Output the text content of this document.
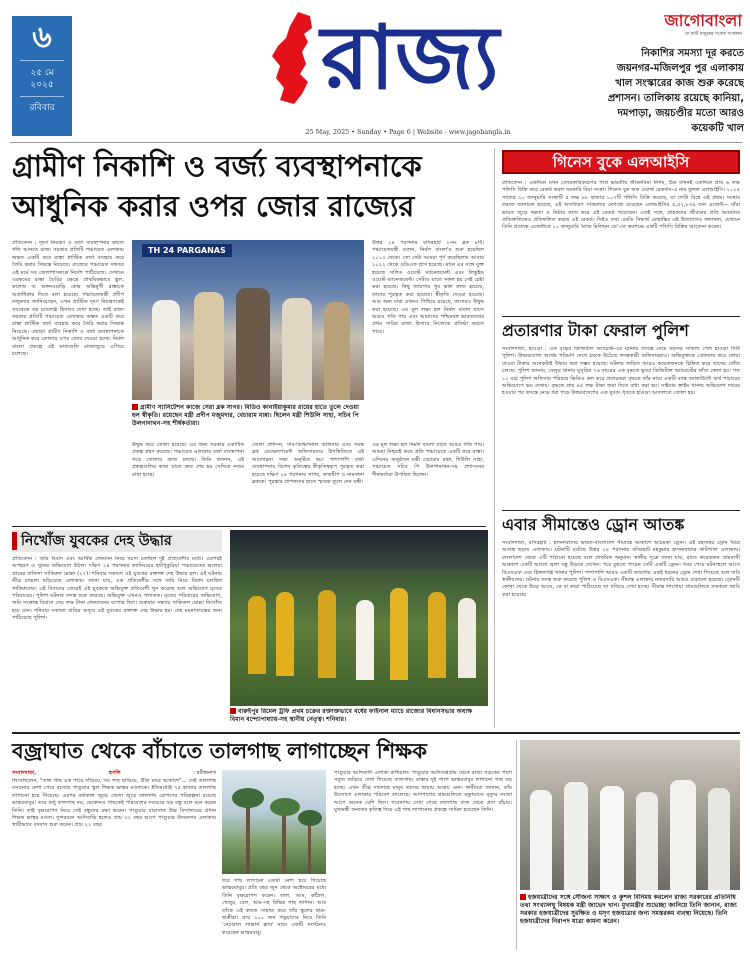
৬
২৫ মে
২০২৫
রবিবার	রাজ্য
25 May, 2025 • Sunday • Page 6 | Website - www.jagobangla.in
জাগোবাংলা
মা মাটি মানুষের সংবাদ সংকলন
নিকাশির সমস্যা দূর করতে জয়নগর-মজিলপুর পুর এলাকায় খাল সংস্কারের কাজ শুরু করেছে প্রশাসন। তালিকায় রয়েছে কানিয়া, দমপাড়া, জয়চণ্ডীর মতো আরও কয়েকটি খাল
গ্রামীণ নিকাশি ও বর্জ্য ব্যবস্থাপনাকে
আধুনিক করার ওপর জোর রাজ্যের
প্রতিবেদন : দূষণ নিয়ন্ত্রণ ও বর্জ্য ব্যবস্থাপনার কাজে গতি আনতে রাজ্য সরকার প্রতিটি পঞ্চায়েত এলাকায় অন্তত একটি করে রাস্তা প্লাস্টিক বর্জ্য ব্যবহার করে তৈরি করার সিদ্ধান্ত নিয়েছে। রাজ্যের পঞ্চায়েত দফতর এই মর্মে সব জেলাশাসককে নির্দেশ পাঠিয়েছে। সেখানে এরকমের রাস্তা তৈরির ক্ষেত্রে প্রাথমিকভাবে স্কুল, কলেজ বা অঙ্গনওয়াড়ি কেন্দ্র অভিমুখী রাস্তাকে অগ্রাধিকার দিতে বলা হয়েছে। পঞ্চায়েতমন্ত্রী প্রদীপ মজুমদার জানিয়েছেন, এখন প্লাস্টিক দূষণ নিয়ন্ত্রণকেই সবথেকে বড় চ্যালেঞ্জ হিসাবে দেখা হচ্ছে। তাই রাজ্য সরকার প্রতিটি পঞ্চায়েত এলাকায় অন্তত একটি করে রাস্তা প্লাস্টিক বর্জ্য ব্যবহার করে তৈরি করার সিদ্ধান্ত নিয়েছে। এছাড়া গ্রামীণ নিকাশি ও বর্জ্য ব্যবস্থাপনাকে আধুনিক করে তোলার ওপর জোর দেওয়া হচ্ছে। নির্মল বাংলা প্রকল্পে এই কাজগুলি রাজ্যজুড়ে এগিয়ে চলেছে।
TH 24 PARGANAS
গ্রামীণ স্যানিটেশন কাজে সেরা ব্লক সাগর। বিডিও কানাইয়াকুমার রায়ের হাতে তুলে দেওয়া হল স্বীকৃতি। রয়েছেন মন্ত্রী প্রদীপ মজুমদার, বেচারাম মান্না। ছিলেন মন্ত্রী শিউলি সাহা, সচিব পি উলগানাথন-সহ শীর্ষকর্তারা।
উদ্বুদ্ধ করে তোলা হয়েছে। এর জন্য সরকার একাধিক প্রকল্প গ্রহণ করেছে। পঞ্চায়েত এলাকায় বর্জ্য ব্যবস্থাপনা গড়ে তোলার কাজ চলছে। তিনি জানান, এই প্রকল্পগুলির কাজ যাতে দ্রুত শেষ হয় সেদিকে নজর রাখা হচ্ছে।
জেলা প্রশাসন, সাব-ডিভিশনাল অফিসার এবং সমস্ত ব্লক ডেভেলপমেন্ট অফিসারদের উপস্থিতিতে এই আলোচনা সভা অনুষ্ঠিত হয়। পাশাপাশি বর্জ্য ব্যবস্থাপনায় বিশেষ কৃতিত্বের স্বীকৃতিস্বরূপ পুরস্কৃত করা হয়েছে দক্ষিণ ২৪ পরগনার সাগর, কাকদ্বীপ ও নামখানা ব্লককে। পুরস্কার প্রাপকদের হাতে স্মারক তুলে দেন মন্ত্রী।
উত্তর ২৪ পরগনার বসিরহাট ২-নং ব্লক ৪টি। পঞ্চায়েতমন্ত্রী বলেন, নির্মল বাংলা'র শুরু হয়েছিল ২০১৩ থেকে। তো সেটা আমরা পূর্ণ করেছিলাম আবার ২০২২ থেকে ওডিএফ প্লাস হয়েছে। মানে এর সঙ্গে যুক্ত হয়েছে সলিড ওয়েস্ট ম্যানেজমেন্ট এবং লিকুইড ওয়েস্ট ম্যানেজমেন্ট। সেটাও যাতে সফল হয় সেই চেষ্টা করা হয়েছে। কিছু জায়গায় খুব ভাল কাজ হয়েছে, তাদের পুরস্কৃত করা হয়েছে। স্বীকৃতি দেওয়া হয়েছে। আর অন্য যারা এখনও পিছিয়ে রয়েছে, তাদেরও উদ্বুদ্ধ করা হয়েছে। এর মূল লক্ষ্য হল নির্মল বাংলা যাতে আরও গতি পায় এবং আমাদের পশ্চিমবঙ্গ ভারতবর্ষের প্রথম সারির রাজ্য হিসাবে নিজেকে প্রতিষ্ঠা করতে পারে।
এর মূল লক্ষ্য হল নির্মল বাংলা যাতে আরও গতি পায়। আমরা নিশ্চয়ই করব প্রতি পঞ্চায়েতে একটি করে রাস্তা। এদিনের অনুষ্ঠানে মন্ত্রী বেচারাম মান্না, শিউলি সাহা, পঞ্চায়েত সচিব পি উলগানাথন-সহ প্রশাসনের শীর্ষকর্তারা উপস্থিত ছিলেন।
গিনেস বুকে এলআইসি
প্রতিবেদন : একদিনে যখন বেসরকারিকরণের পথে ভারতীয় জীবনবিমা নিগম, ঠিক তখনই একদিনে প্রায় ৬ লক্ষ পলিসি বিক্রি করে রেকর্ড করল সরকারি বিমা সংস্থা। গিনেস বুক অফ ওয়ার্ল্ড রেকর্ডস-এ নাম তুলল এলআইসি। ২০২৫ সালের ২০ জানুয়ারি সংস্থাটি ৫ লক্ষ ৮৮ হাজার ১০৭টি পলিসি বিক্রি করেছে, যা গোটা বিশ্বে এই প্রথম। সংস্থার তরফে জানানো হয়েছে, এই অসাধারণ সাফল্যের নেপথ্যে রয়েছেন এলআইসির ৪,৫২,৮৩৯ জন এজেন্ট— যাঁরা ভারত জুড়ে দক্ষতা ও নিষ্ঠার কাজ করে এই রেকর্ড গড়েছেন। একই সঙ্গে, গ্রাহকদের জীবনের প্রতি আমাদের প্রতিশ্রুতিকেও প্রতিফলিত করছে এই রেকর্ড। সিইও তথা এমডি সিদ্ধার্থ মোহান্তির এই উদ্যোগেও ফলাফল, যেখানে তিনি প্রত্যেক এজেন্টকে ২০ জানুয়ারি 'ম্যাড মিলিয়ন ডে'-তে কমপক্ষে একটি পলিসি বিক্রির আবেদন করেন।
প্রতারণার টাকা ফেরাল পুলিশ
সংবাদদাতা, হাওড়া : এক বৃদ্ধের ডিজিটাল অ্যারেস্ট-এর ঘটনায় তদন্তে নেমে বড়সড় সাফল্য পেল হাওড়া সিটি পুলিশ। উদ্ধারযোগ্য অর্থের পরিমাণ দেখে চমকে উঠেছে তদন্তকারী অফিসাররাও। অভিযুক্তকে গ্রেফতার করে খোয়া যাওয়া টাকার অনেকটাই উদ্ধার করা সম্ভব হয়েছে। ঘটনায় জড়িত আরও কয়েকজনকে চিহ্নিত করে তাদের খোঁজ চলছে। পুলিশ জানায়, বেলুড় থানার ঘুসুড়ির ৭৬ বছরের এক বৃদ্ধকে ভুয়ো ডিজিটাল অ্যারেস্টের ফাঁদে ফেলা হয়। গত ১১ মার্চ পুলিশ অফিসার পরিচয়ে ভিডিও কল করে প্রতারকরা বৃদ্ধকে তাঁর নামে একটি ব্যাঙ্ক অ্যাকাউন্টে অর্থ পাচারের অভিযোগে ভয় দেখায়। বৃদ্ধকে প্রায় ৪৫ লক্ষ টাকা জমা দিতে বাধ্য করা হয়। সাইবার ক্রাইম থানায় অভিযোগ দায়ের হওয়ার পর তদন্তে নেমে ধরা পড়ে উত্তরপ্রদেশের এক যুবক। ধৃতকে হাওড়া আদালতে তোলা হয়।
এবার সীমান্তেও ড্রোন আতঙ্ক
সংবাদদাতা, বসিরহাট : হাসনাবাদের ভারত-বাংলাদেশ সীমান্তে আকাশে আচমকা ড্রোন। এই রহস্যময় ড্রোন ঘিরে আতঙ্ক ছড়ায় এলাকায়। ঘটনাটি ঘটেছে উত্তর ২৪ পরগনার বসিরহাট মহকুমার হাসনাবাদের কাটাখাল এলাকায়। বাংলাদেশ থেকে এটি পাঠানো হয়েছে বলে প্রাথমিক অনুমান। স্থানীয় সূত্রে জানা যায়, রাতে কয়েকজন গ্রামবাসী আকাশে একটি আলো জ্বলা বস্তু উড়তে দেখেন। পরে বুঝতে পারেন সেটি একটি ড্রোন। খবর পেয়ে ঘটনাস্থলে আসে বিএসএফ এবং হিঙ্গলগঞ্জ থানার পুলিশ। পাশাপাশি আরও একটি জায়গায় একই ধরনের ড্রোন দেখা গিয়েছে বলে দাবি স্থানীয়দের। ঘটনার তদন্ত শুরু করেছে পুলিশ ও বিএসএফ। সীমান্ত এলাকায় নজরদারি আরও বাড়ানো হয়েছে। ড্রোনটি কোথা থেকে উড়ে আসে, কে বা কারা পাঠিয়েছে তা খতিয়ে দেখা হচ্ছে। সীমান্ত লাগোয়া গ্রামগুলিতে সতর্কতা জারি করা হয়েছে।
নিখোঁজ যুবকের দেহ উদ্ধার
প্রতিবেদন : জমি বিবাদ এবং আর্থিক লেনদেন নিয়ে বচসা চলছিল দুই প্রতিবেশীর মধ্যে। এরপরই অপহরণ ও খুনের অভিযোগ উঠল। দক্ষিণ ২৪ পরগনার ক্যানিংয়ের হাটপুকুরিয়া পঞ্চায়েতের ভলেয়া গ্রামের বাসিন্দা সাকিরুল মোল্লা (২৭)। শনিবার সকালে ওই যুবকের রক্তাক্ত দেহ উদ্ধার হল। এই ঘটনায় তীব্র চাঞ্চল্য ছড়িয়েছে এলাকায়। জানা যায়, এক প্রতিবেশীর সঙ্গে জমি নিয়ে বিবাদ চলছিল সাকিরুলের। এই বিবাদের জেরেই ওই যুবককে অভিযুক্ত প্রতিবেশী খুন করেছে বলে অভিযোগ মৃতের পরিবারের। পুলিশ ঘটনার তদন্ত শুরু করেছে। অভিযুক্ত এখনও পলাতক। মৃতের পরিবারের অভিযোগ, জমি সংক্রান্ত বিবাদে দেড় লক্ষ টাকা লেনদেনের ব্যাপার ছিল। শুক্রবার সন্ধ্যায় সাকিরুল মোল্লা নিখোঁজ হয়ে যান। শনিবার সকালে বাড়ির অদূরে ওই যুবকের রক্তাক্ত দেহ উদ্ধার হয়। দেহ ময়নাতদন্তের জন্য পাঠিয়েছে পুলিশ।
বারুইপুর রিমেল ট্রফি প্রথম চক্রের রক্তাক্তভাবে বর্ষের ফাইনাল ম্যাচে রাজ্যের বিধানসভার অধ্যক্ষ বিমান বন্দ্যোপাধ্যায়-সহ স্থানীয় নেতৃত্ব। শনিবার।
বজ্রাঘাত থেকে বাঁচাতে তালগাছ লাগাচ্ছেন শিক্ষক
সংবাদদাতা,	হুগলি	: রবীন্দ্রনাথ
লিখেছিলেন, "তাল গাছ এক পায়ে দাঁড়িয়ে, সব গাছ ছাড়িয়ে, উঁকি মারে আকাশে"... সেই তালগাছ বসানোর নেশা পেয়ে বসেছে পাণ্ডুয়ার স্কুল শিক্ষক ভাস্কর মণ্ডলকে। ইতিমধ্যেই ৭৫ হাজার তালগাছ লাগানো হয়ে গিয়েছে। এরপর বর্ষাকাল জুড়ে জেলা জুড়ে তালগাছ রোপণের পরিকল্পনা রয়েছে ভাস্করবাবুর। তবে শুধু তালগাছ নয়, যেকোনও গাছকেই পরিবেশের সবচেয়ে বড় বন্ধু বলে মনে করেন তিনি। তাই বৃক্ষরোপণ নিয়ে সেই বন্ধুদের রক্ষা করেন। পাণ্ডুয়ার বারাসাত উচ্চ বিদ্যালয়ের প্রধান শিক্ষক ভাস্কর মণ্ডল। সুন্দরবনে আদিবাড়ি হলেও প্রায় ৩২ বছর আগে পাণ্ডুয়ার উদয়নগর এলাকায় স্থায়ীভাবে বসবাস শুরু করেন। প্রায় ২২ বছর
ধরে গাছ লাগানো একটা নেশা হয়ে গিয়েছে ভাস্করবাবুর। প্রতি বছর জুন থেকে অক্টোবরের মধ্যে তিনি বৃক্ষরোপণ করেন। তাল, আম, কাঁঠাল, খেজুর, বেল, আম-সহ বিভিন্ন গাছ লাগান। আর তাঁকে এই কাজে সাহায্য করে তাঁর স্কুলের ছাত্র-ছাত্রীরা। প্রায় ২০০ জন পড়ুয়াদের নিয়ে তিনি 'নেচারাল লাভার্স ক্লাব' নামে একটি সংগঠনও করেছেন ভাস্করবাবু।
পাণ্ডুয়ার আদিবাসী এলাকা রুখিয়াল। পাণ্ডুয়ার আদিসপ্তগ্রাম থেকে রাজ্য সড়কের পাশে সবুজ জড়িয়ে দেখা গিয়েছে তালগাছ। রাস্তার দুই পাশে ভাস্করবাবুর লাগানো গাছ বড় হচ্ছে। এখন তীব্র দাবদাহে মানুষ তাদের ছায়ায় আশ্রয় নেন। স্থানীয়রা জানান, তাঁর উদ্যোগে এলাকার পরিবেশ বদলেছে। আশপাশের গ্রামগুলিতে বজ্রাঘাতে মৃত্যুর সংখ্যা আগে অনেক বেশি ছিল। গবেষণায় দেখা গেছে তালগাছ বাজ থেকে প্রাণ বাঁচায়। মুখ্যমন্ত্রী অন্যতম কৃতিত্ব দিয়ে এই গাছ লাগানোর প্রকল্পে সামিল হয়েছেন তিনি।
হজযাত্রীদের সঙ্গে সৌজন্য সাক্ষাৎ ও কুশল বিনিময় করলেন রাজ্য সরকারের প্রতিনিধি তথা সংখ্যালঘু বিষয়ক মন্ত্রী জাভেদ খান। মুখ্যমন্ত্রীর শুভেচ্ছা জানিয়ে তিনি জানান, রাজ্য সরকার হজযাত্রীদের সুরক্ষিত ও মসৃণ হজযাত্রার জন্য সমস্তরকম ব্যবস্থা নিয়েছে। তিনি হজযাত্রীদের নিরাপদ যাত্রা কামনা করেন।
